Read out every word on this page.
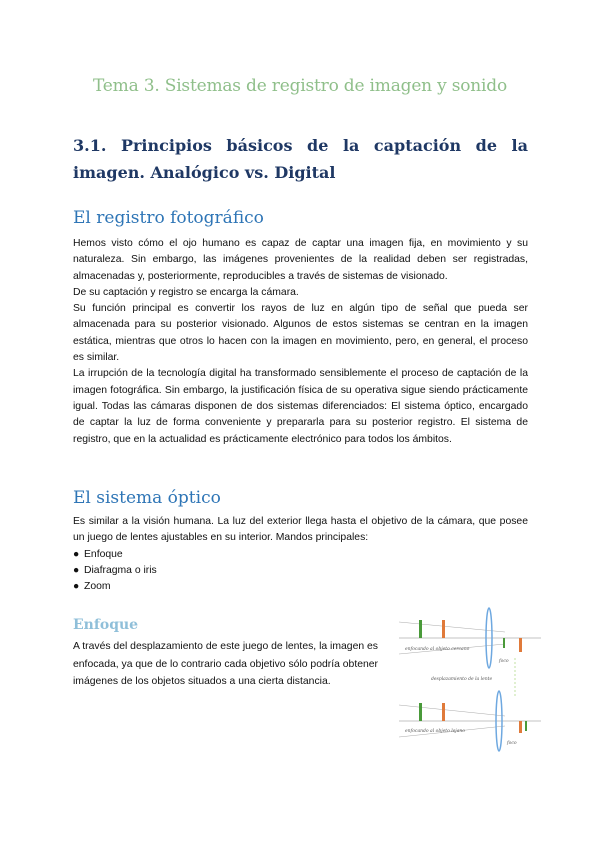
Tema 3. Sistemas de registro de imagen y sonido
3.1. Principios básicos de la captación de la imagen. Analógico vs. Digital
El registro fotográfico

Hemos visto cómo el ojo humano es capaz de captar una imagen fija, en movimiento y su naturaleza. Sin embargo, las imágenes provenientes de la realidad deben ser registradas, almacenadas y, posteriormente, reproducibles a través de sistemas de visionado.

De su captación y registro se encarga la cámara.

Su función principal es convertir los rayos de luz en algún tipo de señal que pueda ser almacenada para su posterior visionado. Algunos de estos sistemas se centran en la imagen estática, mientras que otros lo hacen con la imagen en movimiento, pero, en general, el proceso es similar.

La irrupción de la tecnología digital ha transformado sensiblemente el proceso de captación de la imagen fotográfica. Sin embargo, la justificación física de su operativa sigue siendo prácticamente igual. Todas las cámaras disponen de dos sistemas diferenciados: El sistema óptico, encargado de captar la luz de forma conveniente y prepararla para su posterior registro. El sistema de registro, que en la actualidad es prácticamente electrónico para todos los ámbitos.

El sistema óptico

Es similar a la visión humana. La luz del exterior llega hasta el objetivo de la cámara, que posee un juego de lentes ajustables en su interior. Mandos principales:

● Enfoque
● Diafragma o iris
● Zoom
Enfoque

A través del desplazamiento de este juego de lentes, la imagen es enfocada, ya que de lo contrario cada objetivo sólo podría obtener imágenes de los objetos situados a una cierta distancia.

enfocando al objeto cercano
foco
desplazamiento de la lente
enfocando al objeto lejano
foco
